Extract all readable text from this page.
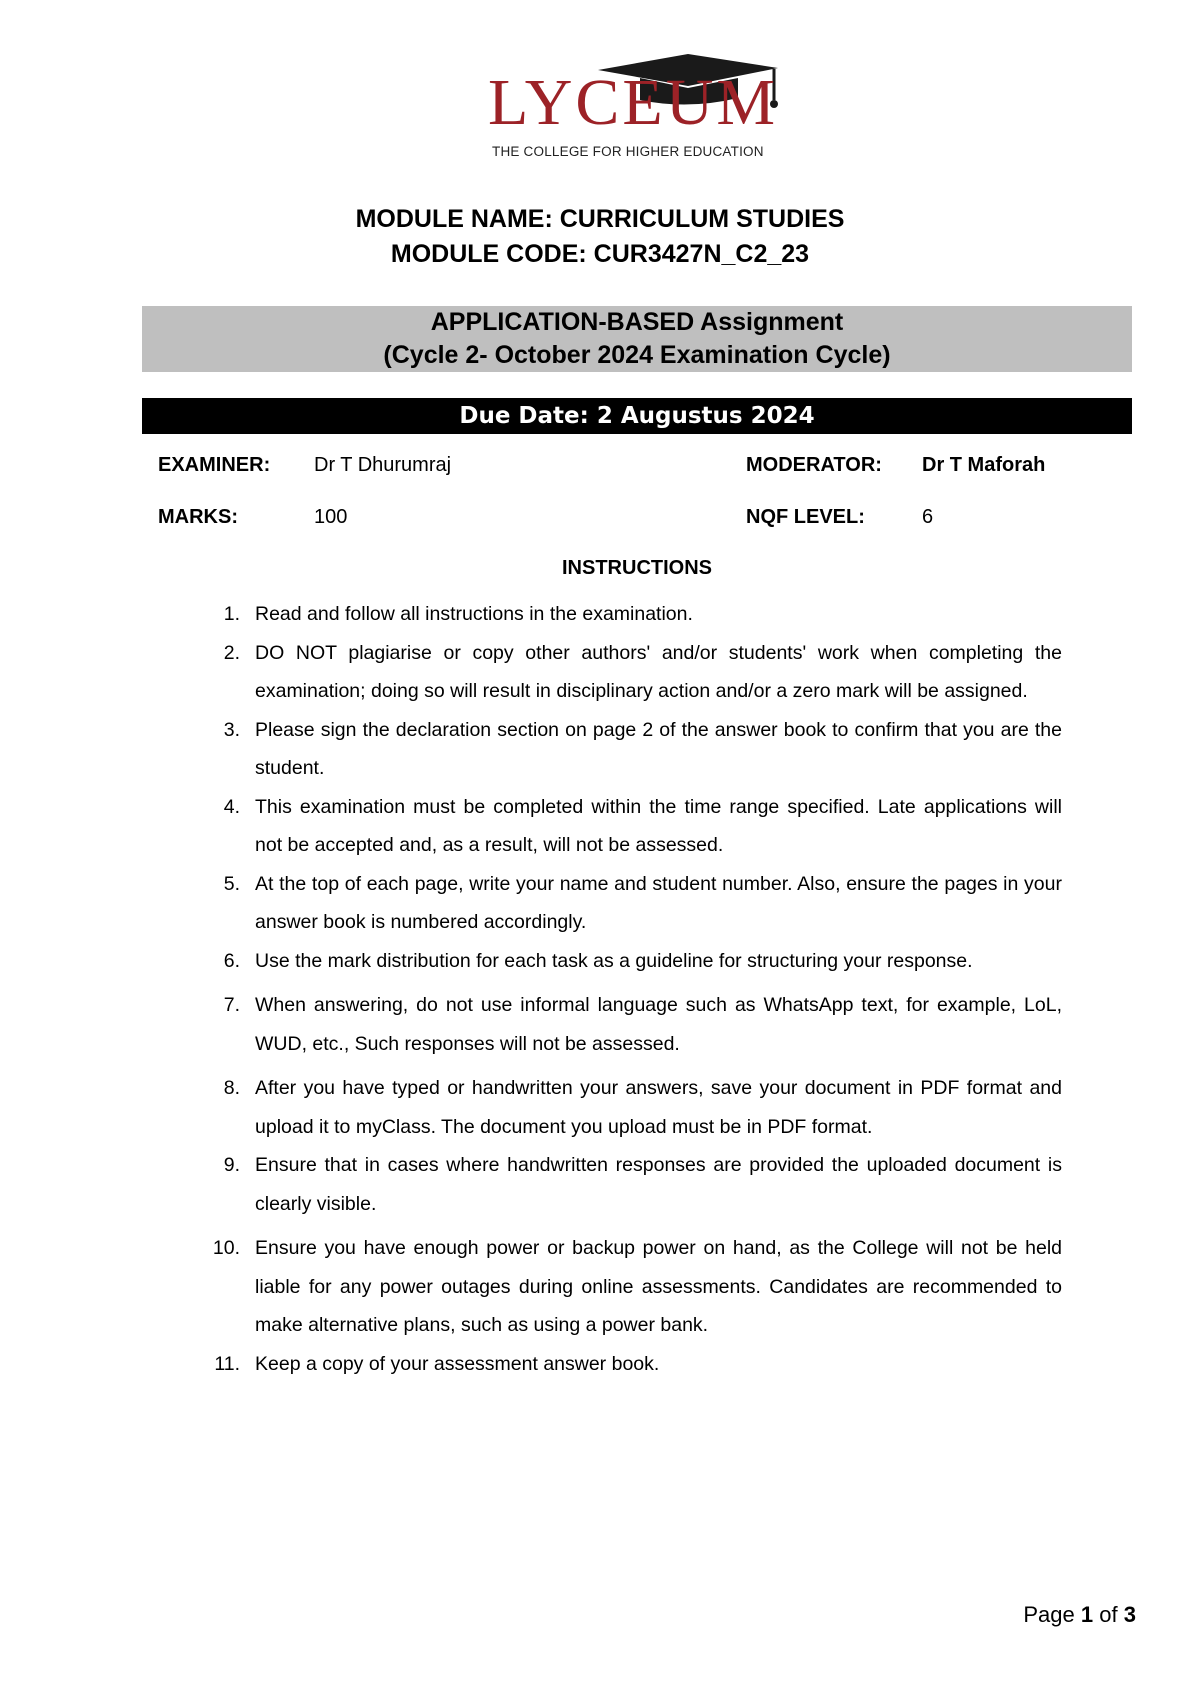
LYCEUM
THE COLLEGE FOR HIGHER EDUCATION
MODULE NAME: CURRICULUM STUDIES
MODULE CODE: CUR3427N_C2_23
APPLICATION-BASED Assignment
(Cycle 2- October 2024 Examination Cycle)
Due Date: 2 Augustus 2024
EXAMINER: Dr T Dhurumraj	MODERATOR: Dr T Maforah
MARKS:	100	NQF LEVEL:	6
INSTRUCTIONS
1. Read and follow all instructions in the examination.
2. DO NOT plagiarise or copy other authors' and/or students' work when completing the examination; doing so will result in disciplinary action and/or a zero mark will be assigned.
3. Please sign the declaration section on page 2 of the answer book to confirm that you are the student.
4. This examination must be completed within the time range specified. Late applications will not be accepted and, as a result, will not be assessed.
5. At the top of each page, write your name and student number. Also, ensure the pages in your answer book is numbered accordingly.
6. Use the mark distribution for each task as a guideline for structuring your response.
7. When answering, do not use informal language such as WhatsApp text, for example, LoL, WUD, etc., Such responses will not be assessed.
8. After you have typed or handwritten your answers, save your document in PDF format and upload it to myClass. The document you upload must be in PDF format.
9. Ensure that in cases where handwritten responses are provided the uploaded document is clearly visible.
10. Ensure you have enough power or backup power on hand, as the College will not be held liable for any power outages during online assessments. Candidates are recommended to make alternative plans, such as using a power bank.
11. Keep a copy of your assessment answer book.
Page 1 of 3
